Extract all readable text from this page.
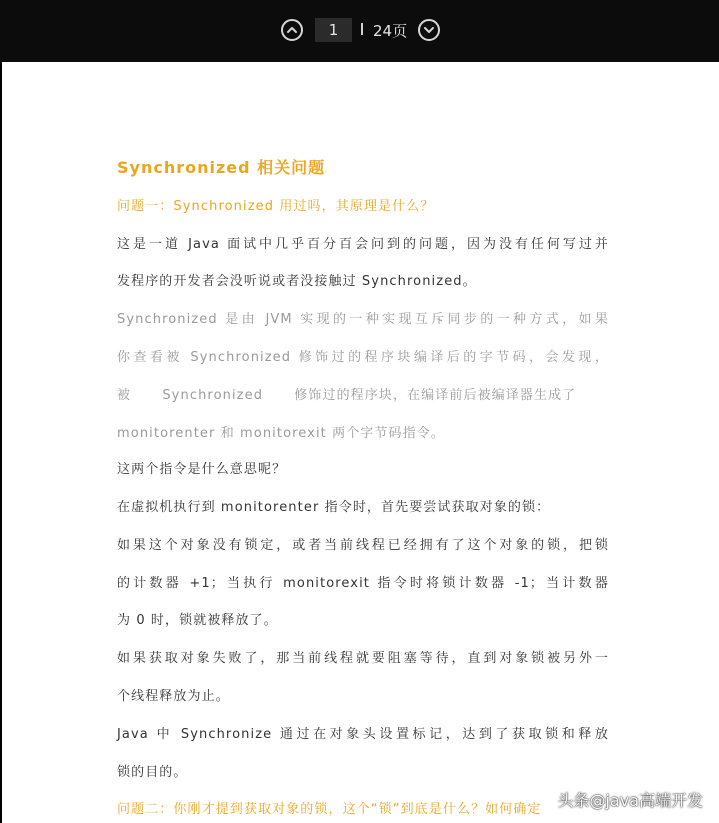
1
24页
Synchronized 相关问题
问题一：Synchronized 用过吗，其原理是什么？
这是一道 Java 面试中几乎百分百会问到的问题，因为没有任何写过并
发程序的开发者会没听说或者没接触过 Synchronized。
Synchronized 是由 JVM 实现的一种实现互斥同步的一种方式，如果
你查看被 Synchronized 修饰过的程序块编译后的字节码，会发现，
被 Synchronized 修饰过的程序块，在编译前后被编译器生成了
monitorenter 和 monitorexit 两个字节码指令。
这两个指令是什么意思呢？
在虚拟机执行到 monitorenter 指令时，首先要尝试获取对象的锁：
如果这个对象没有锁定，或者当前线程已经拥有了这个对象的锁，把锁
的计数器 +1；当执行 monitorexit 指令时将锁计数器 -1；当计数器
为 0 时，锁就被释放了。
如果获取对象失败了，那当前线程就要阻塞等待，直到对象锁被另外一
个线程释放为止。
Java 中 Synchronize 通过在对象头设置标记，达到了获取锁和释放
锁的目的。
问题二：你刚才提到获取对象的锁，这个“锁”到底是什么？如何确定 头条@java高端开发
